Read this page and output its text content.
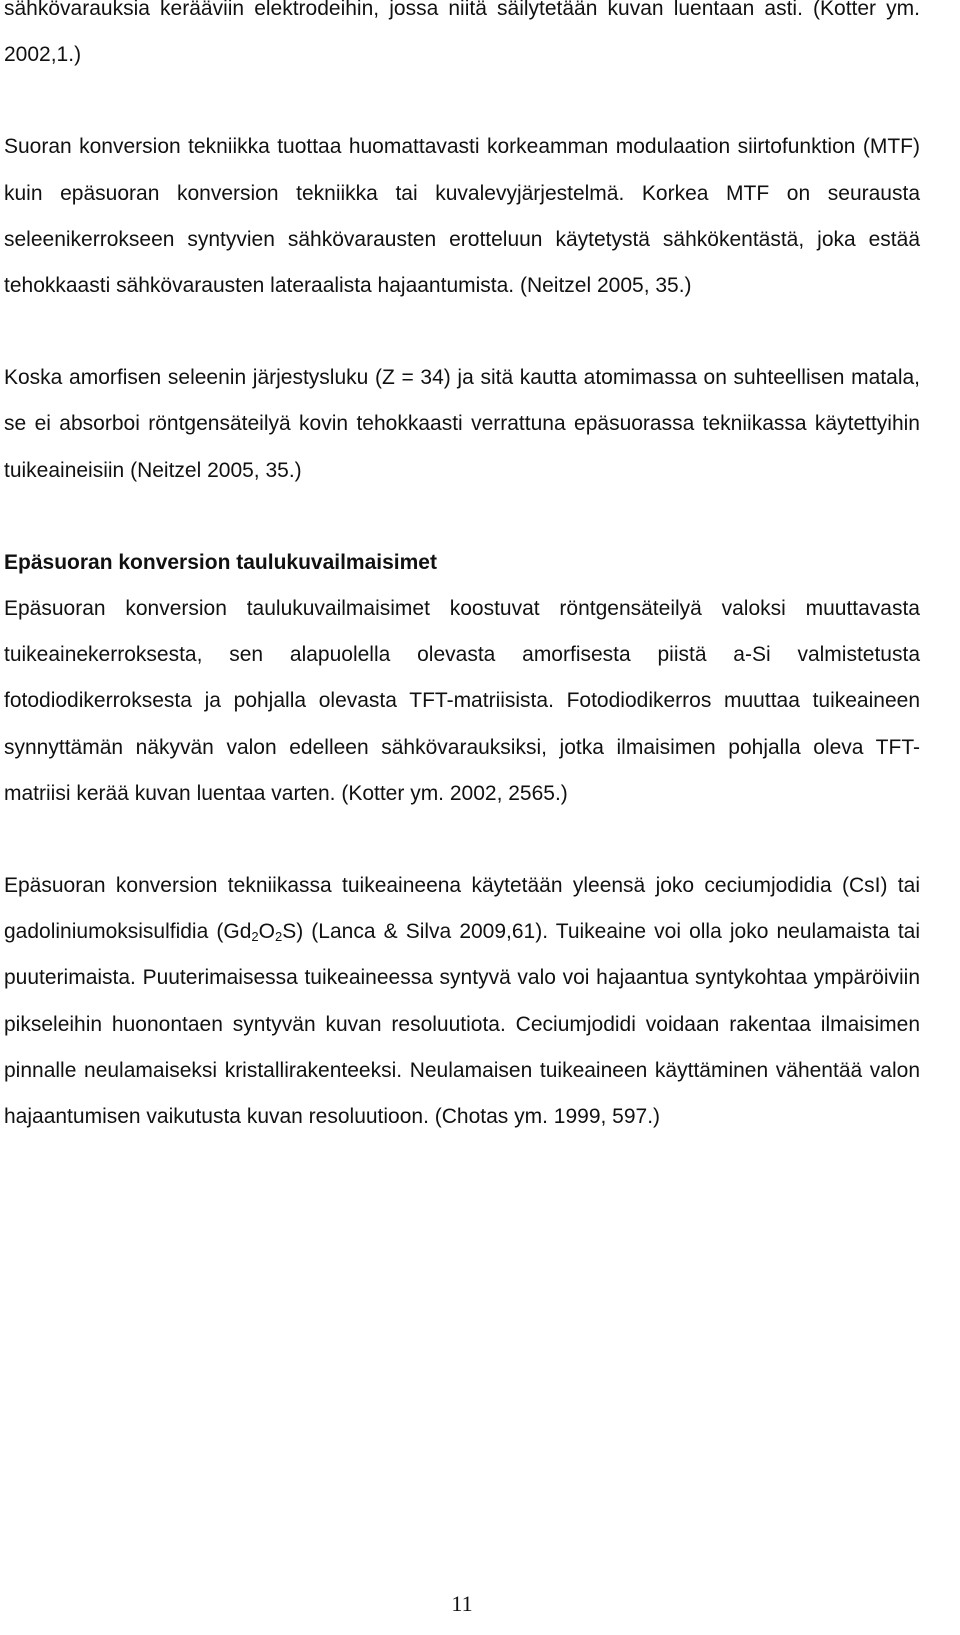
sähkövarauksia kerääviin elektrodeihin, jossa niitä säilytetään kuvan luentaan asti. (Kotter ym. 2002,1.)

Suoran konversion tekniikka tuottaa huomattavasti korkeamman modulaation siirtofunktion (MTF) kuin epäsuoran konversion tekniikka tai kuvalevyjärjestelmä. Korkea MTF on seurausta seleenikerrokseen syntyvien sähkövarausten erotteluun käytetystä sähkökentästä, joka estää tehokkaasti sähkövarausten lateraalista hajaantumista. (Neitzel 2005, 35.)

Koska amorfisen seleenin järjestysluku (Z = 34) ja sitä kautta atomimassa on suhteellisen matala, se ei absorboi röntgensäteilyä kovin tehokkaasti verrattuna epäsuorassa tekniikassa käytettyihin tuikeaineisiin (Neitzel 2005, 35.)

Epäsuoran konversion taulukuvailmaisimet

Epäsuoran konversion taulukuvailmaisimet koostuvat röntgensäteilyä valoksi muuttavasta tuikeainekerroksesta, sen alapuolella olevasta amorfisesta piistä a-Si valmistetusta fotodiodikerroksesta ja pohjalla olevasta TFT-matriisista. Fotodiodikerros muuttaa tuikeaineen synnyttämän näkyvän valon edelleen sähkövarauksiksi, jotka ilmaisimen pohjalla oleva TFT-matriisi kerää kuvan luentaa varten. (Kotter ym. 2002, 2565.)

Epäsuoran konversion tekniikassa tuikeaineena käytetään yleensä joko ceciumjodidia (CsI) tai gadoliniumoksisulfidia $(Gd_2O_2S)$ (Lanca & Silva 2009,61). Tuikeaine voi olla joko neulamaista tai puuterimaista. Puuterimaisessa tuikeaineessa syntyvä valo voi hajaantua syntykohtaa ympäröiviin pikseleihin huonontaen syntyvän kuvan resoluutiota. Ceciumjodidi voidaan rakentaa ilmaisimen pinnalle neulamaiseksi kristallirakenteeksi. Neulamaisen tuikeaineen käyttäminen vähentää valon hajaantumisen vaikutusta kuvan resoluutioon. (Chotas ym. 1999, 597.)

11
